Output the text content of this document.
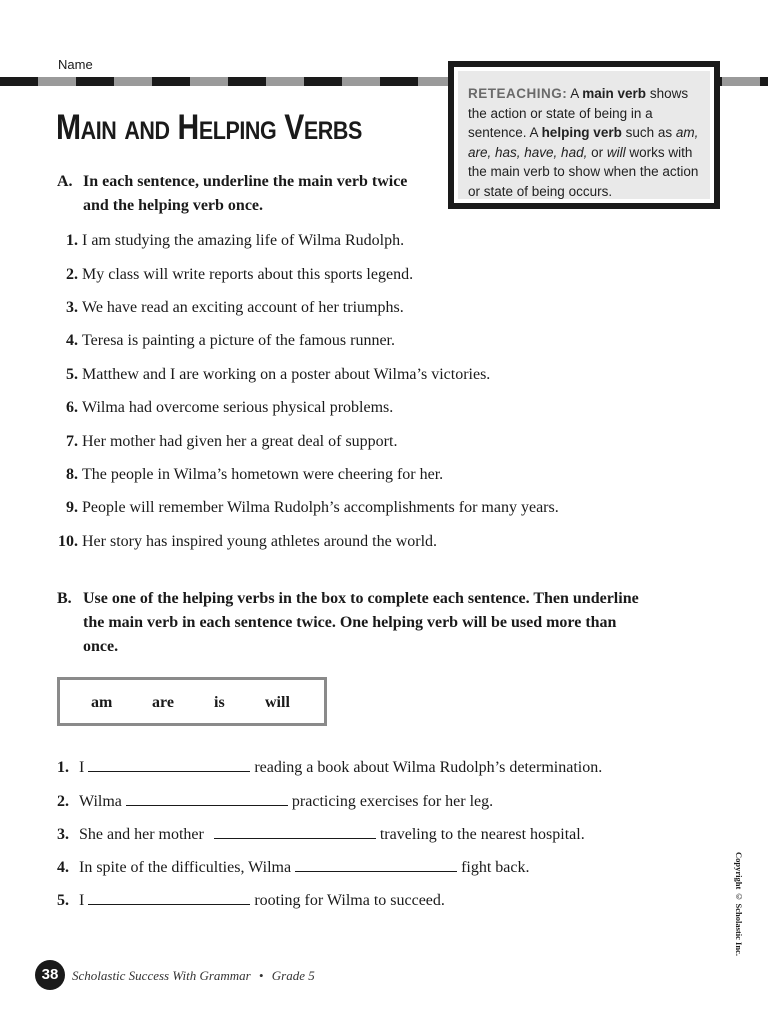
Name
Main and Helping Verbs
RETEACHING: A main verb shows the action or state of being in a sentence. A helping verb such as am, are, has, have, had, or will works with the main verb to show when the action or state of being occurs.
A. In each sentence, underline the main verb twice and the helping verb once.
1. I am studying the amazing life of Wilma Rudolph.
2. My class will write reports about this sports legend.
3. We have read an exciting account of her triumphs.
4. Teresa is painting a picture of the famous runner.
5. Matthew and I are working on a poster about Wilma’s victories.
6. Wilma had overcome serious physical problems.
7. Her mother had given her a great deal of support.
8. The people in Wilma’s hometown were cheering for her.
9. People will remember Wilma Rudolph’s accomplishments for many years.
10. Her story has inspired young athletes around the world.
B. Use one of the helping verbs in the box to complete each sentence. Then underline the main verb in each sentence twice. One helping verb will be used more than once.
am are	is	will
1. I	reading a book about Wilma Rudolph’s determination.
2. Wilma	practicing exercises for her leg.
3. She and her mother	traveling to the nearest hospital.
4. In spite of the difficulties, Wilma	fight back.
5. I	rooting for Wilma to succeed.	Copyright © Scholastic Inc.
38	Scholastic Success With Grammar • Grade 5
